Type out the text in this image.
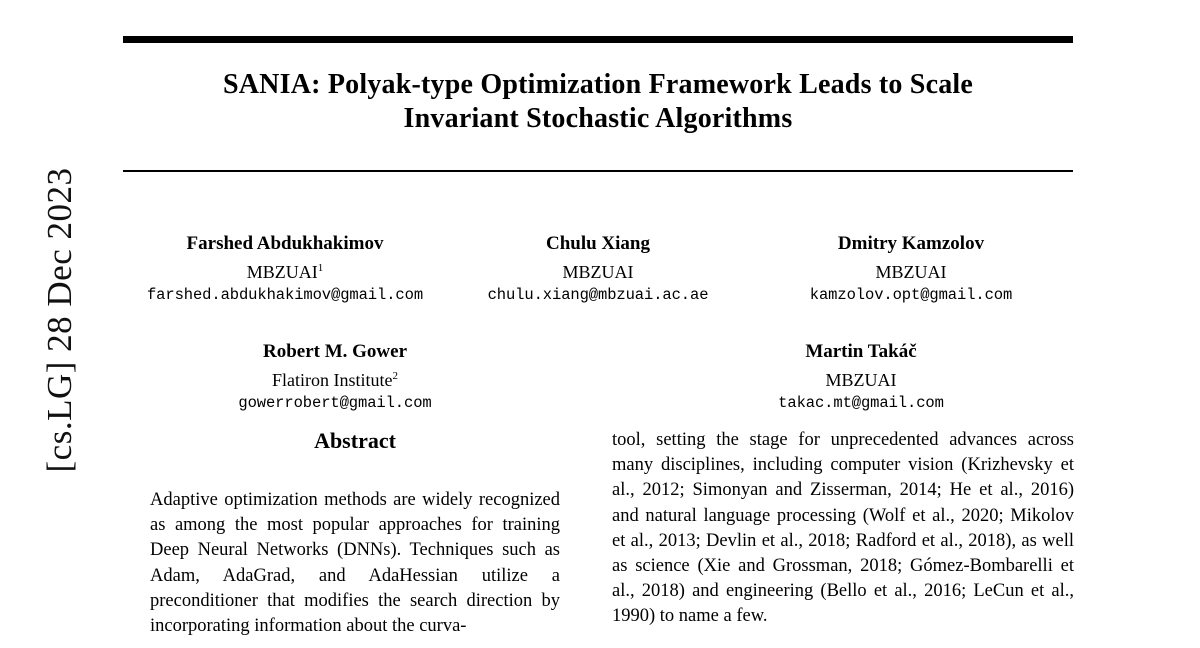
[cs.LG] 28 Dec 2023
SANIA: Polyak-type Optimization Framework Leads to Scale
Invariant Stochastic Algorithms
Farshed Abdukhakimov
MBZUAI$^1$
farshed.abdukhakimov@gmail.com
Chulu Xiang
MBZUAI
chulu.xiang@mbzuai.ac.ae
Dmitry Kamzolov
MBZUAI
kamzolov.opt@gmail.com
Robert M. Gower
Flatiron Institute$^2$
gowerrobert@gmail.com
Martin Takáč
MBZUAI
takac.mt@gmail.com
Abstract

Adaptive optimization methods are widely recognized as among the most popular approaches for training Deep Neural Networks (DNNs). Techniques such as Adam, AdaGrad, and AdaHessian utilize a preconditioner that modifies the search direction by incorporating information about the curva-

tool, setting the stage for unprecedented advances across many disciplines, including computer vision (Krizhevsky et al., 2012; Simonyan and Zisserman, 2014; He et al., 2016) and natural language processing (Wolf et al., 2020; Mikolov et al., 2013; Devlin et al., 2018; Radford et al., 2018), as well as science (Xie and Grossman, 2018; Gómez-Bombarelli et al., 2018) and engineering (Bello et al., 2016; LeCun et al., 1990) to name a few.
